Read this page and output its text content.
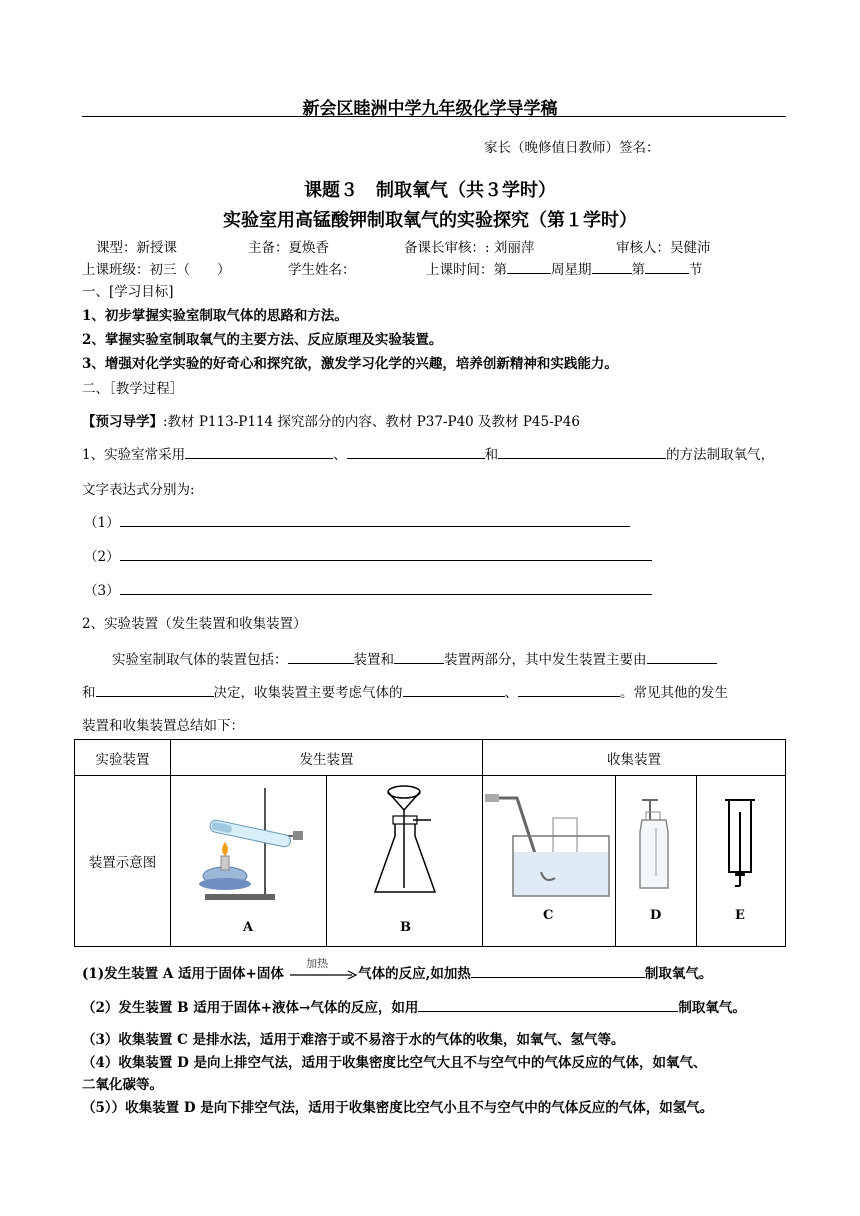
新会区睦洲中学九年级化学导学稿
家长（晚修值日教师）签名：
课题３　制取氧气（共３学时）
实验室用高锰酸钾制取氧气的实验探究（第１学时）
课型：新授课	主备：夏焕香	备课长审核：: 刘丽萍	审核人：吴健沛
上课班级：初三（　　）	学生姓名：	上课时间：第	周星期	第	节
一、[学习目标]
1、初步掌握实验室制取气体的思路和方法。
2、掌握实验室制取氧气的主要方法、反应原理及实验装置。
3、增强对化学实验的好奇心和探究欲，激发学习化学的兴趣，培养创新精神和实践能力。
二、［教学过程］
【预习导学】:教材 P113-P114 探究部分的内容、教材 P37-P40 及教材 P45-P46
1、实验室常采用	、	和	的方法制取氧气，
文字表达式分别为:
（1）
（2）
（3）
2、实验装置（发生装置和收集装置）
实验室制取气体的装置包括：	装置和	装置两部分，其中发生装置主要由
和	决定，收集装置主要考虑气体的	、	。常见其他的发生
装置和收集装置总结如下：
实验装置	发生装置		收集装置		
装置示意图	A	B	C	D	E
(1)发生装置 A 适用于固体+固体
加热
气体的反应,如加热	制取氧气。
（2）发生装置 B 适用于固体+液体→气体的反应，如用	制取氧气。
（3）收集装置 C 是排水法，适用于难溶于或不易溶于水的气体的收集，如氧气、氢气等。
（4）收集装置 D 是向上排空气法，适用于收集密度比空气大且不与空气中的气体反应的气体，如氧气、
二氧化碳等。
（5））收集装置 D 是向下排空气法，适用于收集密度比空气小且不与空气中的气体反应的气体，如氢气。
